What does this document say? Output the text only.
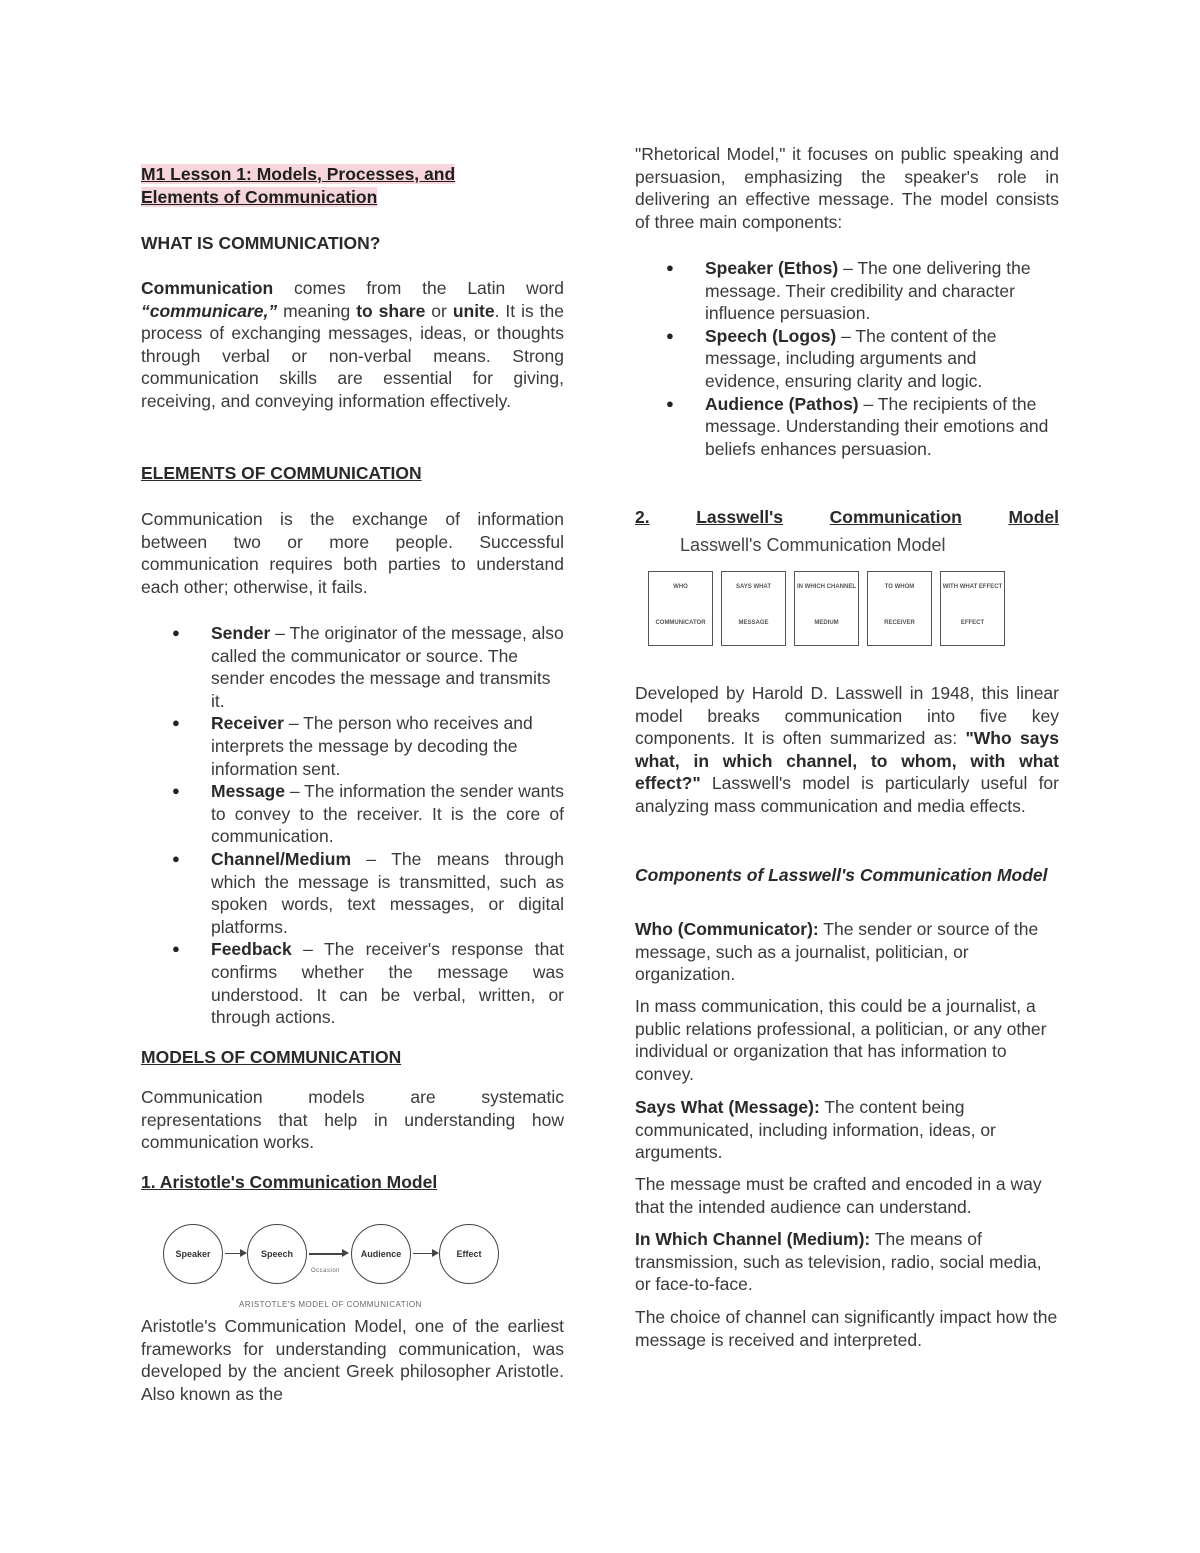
M1 Lesson 1: Models, Processes, and
Elements of Communication

WHAT IS COMMUNICATION?

Communication comes from the Latin word “communicare,” meaning to share or unite. It is the process of exchanging messages, ideas, or thoughts through verbal or non-verbal means. Strong communication skills are essential for giving, receiving, and conveying information effectively.

ELEMENTS OF COMMUNICATION

Communication is the exchange of information between two or more people. Successful communication requires both parties to understand each other; otherwise, it fails.

● Sender – The originator of the message, also called the communicator or source. The sender encodes the message and transmits it.
● Receiver – The person who receives and interprets the message by decoding the information sent.
● Message – The information the sender wants to convey to the receiver. It is the core of communication.
● Channel/Medium – The means through which the message is transmitted, such as spoken words, text messages, or digital platforms.
● Feedback – The receiver's response that confirms whether the message was understood. It can be verbal, written, or through actions.

MODELS OF COMMUNICATION

Communication models are systematic representations that help in understanding how communication works.

1. Aristotle's Communication Model

Speaker	Speech
Occasion
Audience	Effect
ARISTOTLE'S MODEL OF COMMUNICATION

Aristotle's Communication Model, one of the earliest frameworks for understanding communication, was developed by the ancient Greek philosopher Aristotle. Also known as the

"Rhetorical Model," it focuses on public speaking and persuasion, emphasizing the speaker's role in delivering an effective message. The model consists of three main components:

● Speaker (Ethos) – The one delivering the message. Their credibility and character influence persuasion.
● Speech (Logos) – The content of the message, including arguments and evidence, ensuring clarity and logic.
● Audience (Pathos) – The recipients of the message. Understanding their emotions and beliefs enhances persuasion.
2.	Lasswell's	Communication	Model
Lasswell's Communication Model
WHO
COMMUNICATOR
SAYS WHAT
MESSAGE
IN WHICH CHANNEL
MEDIUM
TO WHOM
RECEIVER
WITH WHAT EFFECT
EFFECT

Developed by Harold D. Lasswell in 1948, this linear model breaks communication into five key components. It is often summarized as: "Who says what, in which channel, to whom, with what effect?" Lasswell's model is particularly useful for analyzing mass communication and media effects.

Components of Lasswell's Communication Model

Who (Communicator): The sender or source of the message, such as a journalist, politician, or organization.

In mass communication, this could be a journalist, a public relations professional, a politician, or any other individual or organization that has information to convey.

Says What (Message): The content being communicated, including information, ideas, or arguments.

The message must be crafted and encoded in a way that the intended audience can understand.

In Which Channel (Medium): The means of transmission, such as television, radio, social media, or face-to-face.

The choice of channel can significantly impact how the message is received and interpreted.
